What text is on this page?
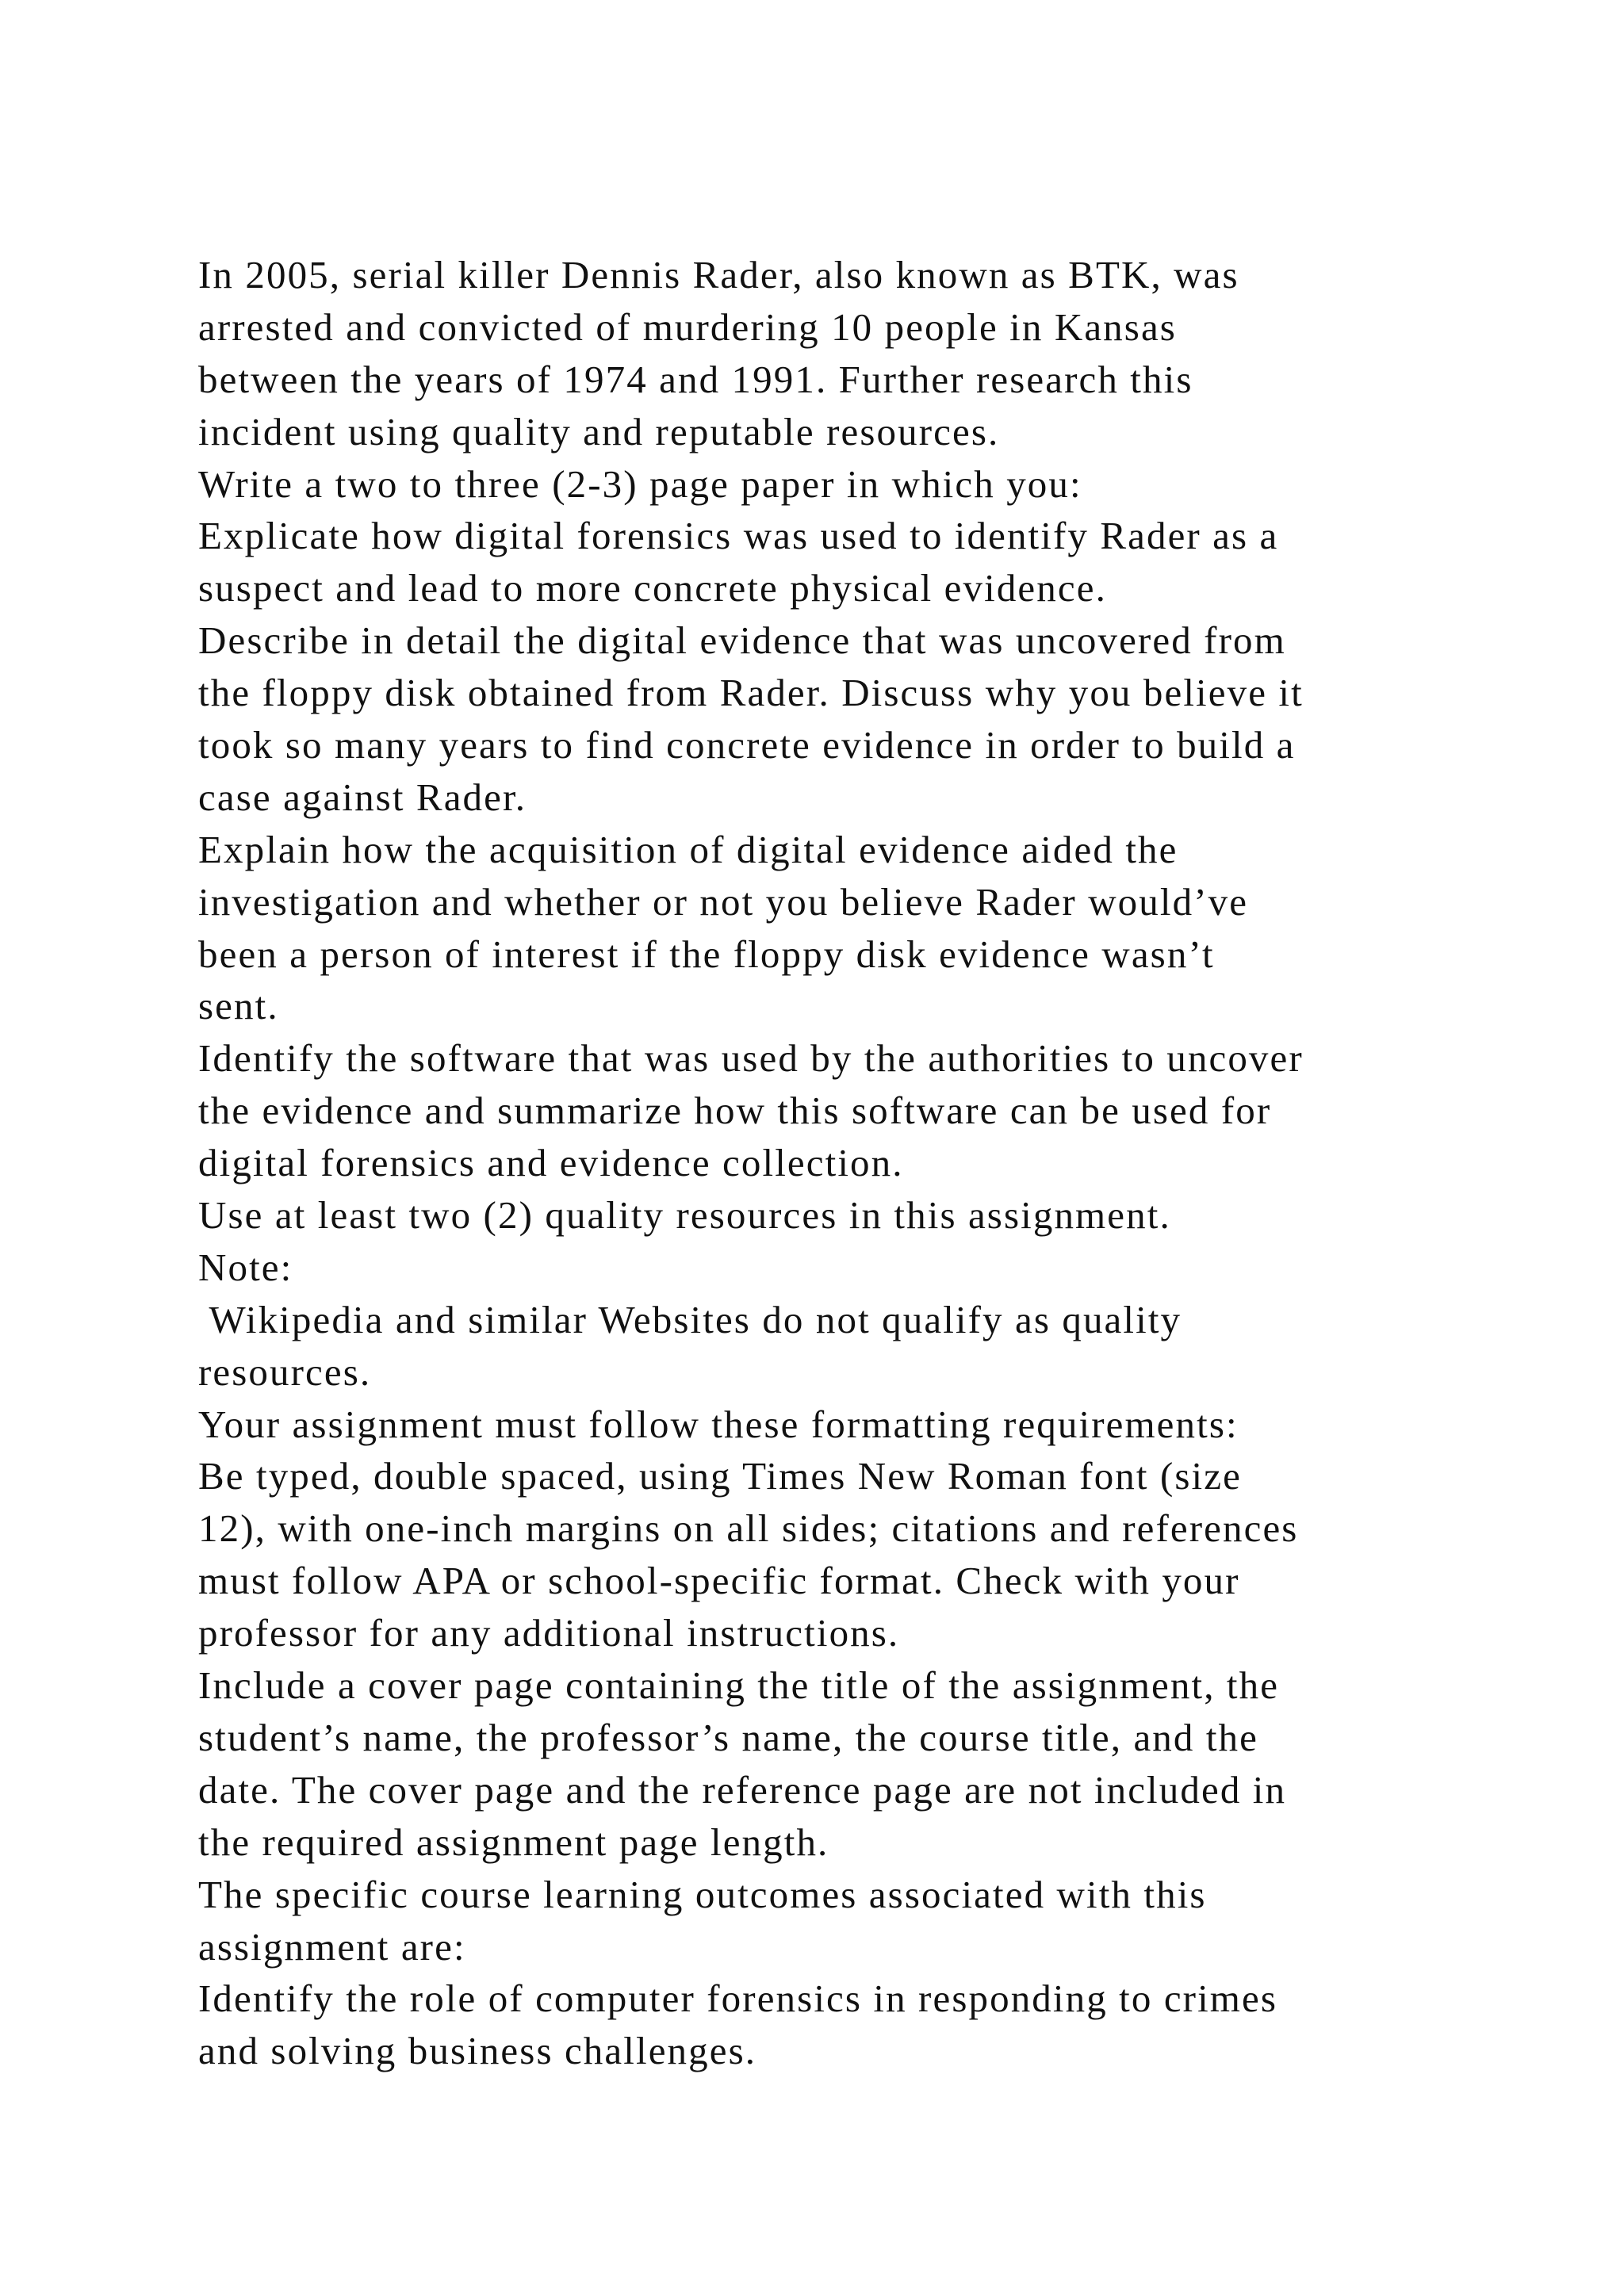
In 2005, serial killer Dennis Rader, also known as BTK, was
arrested and convicted of murdering 10 people in Kansas
between the years of 1974 and 1991. Further research this
incident using quality and reputable resources.
Write a two to three (2-3) page paper in which you:
Explicate how digital forensics was used to identify Rader as a
suspect and lead to more concrete physical evidence.
Describe in detail the digital evidence that was uncovered from
the floppy disk obtained from Rader. Discuss why you believe it
took so many years to find concrete evidence in order to build a
case against Rader.
Explain how the acquisition of digital evidence aided the
investigation and whether or not you believe Rader would’ve
been a person of interest if the floppy disk evidence wasn’t
sent.
Identify the software that was used by the authorities to uncover
the evidence and summarize how this software can be used for
digital forensics and evidence collection.
Use at least two (2) quality resources in this assignment.
Note:
Wikipedia and similar Websites do not qualify as quality
resources.
Your assignment must follow these formatting requirements:
Be typed, double spaced, using Times New Roman font (size
12), with one-inch margins on all sides; citations and references
must follow APA or school-specific format. Check with your
professor for any additional instructions.
Include a cover page containing the title of the assignment, the
student’s name, the professor’s name, the course title, and the
date. The cover page and the reference page are not included in
the required assignment page length.
The specific course learning outcomes associated with this
assignment are:
Identify the role of computer forensics in responding to crimes
and solving business challenges.
